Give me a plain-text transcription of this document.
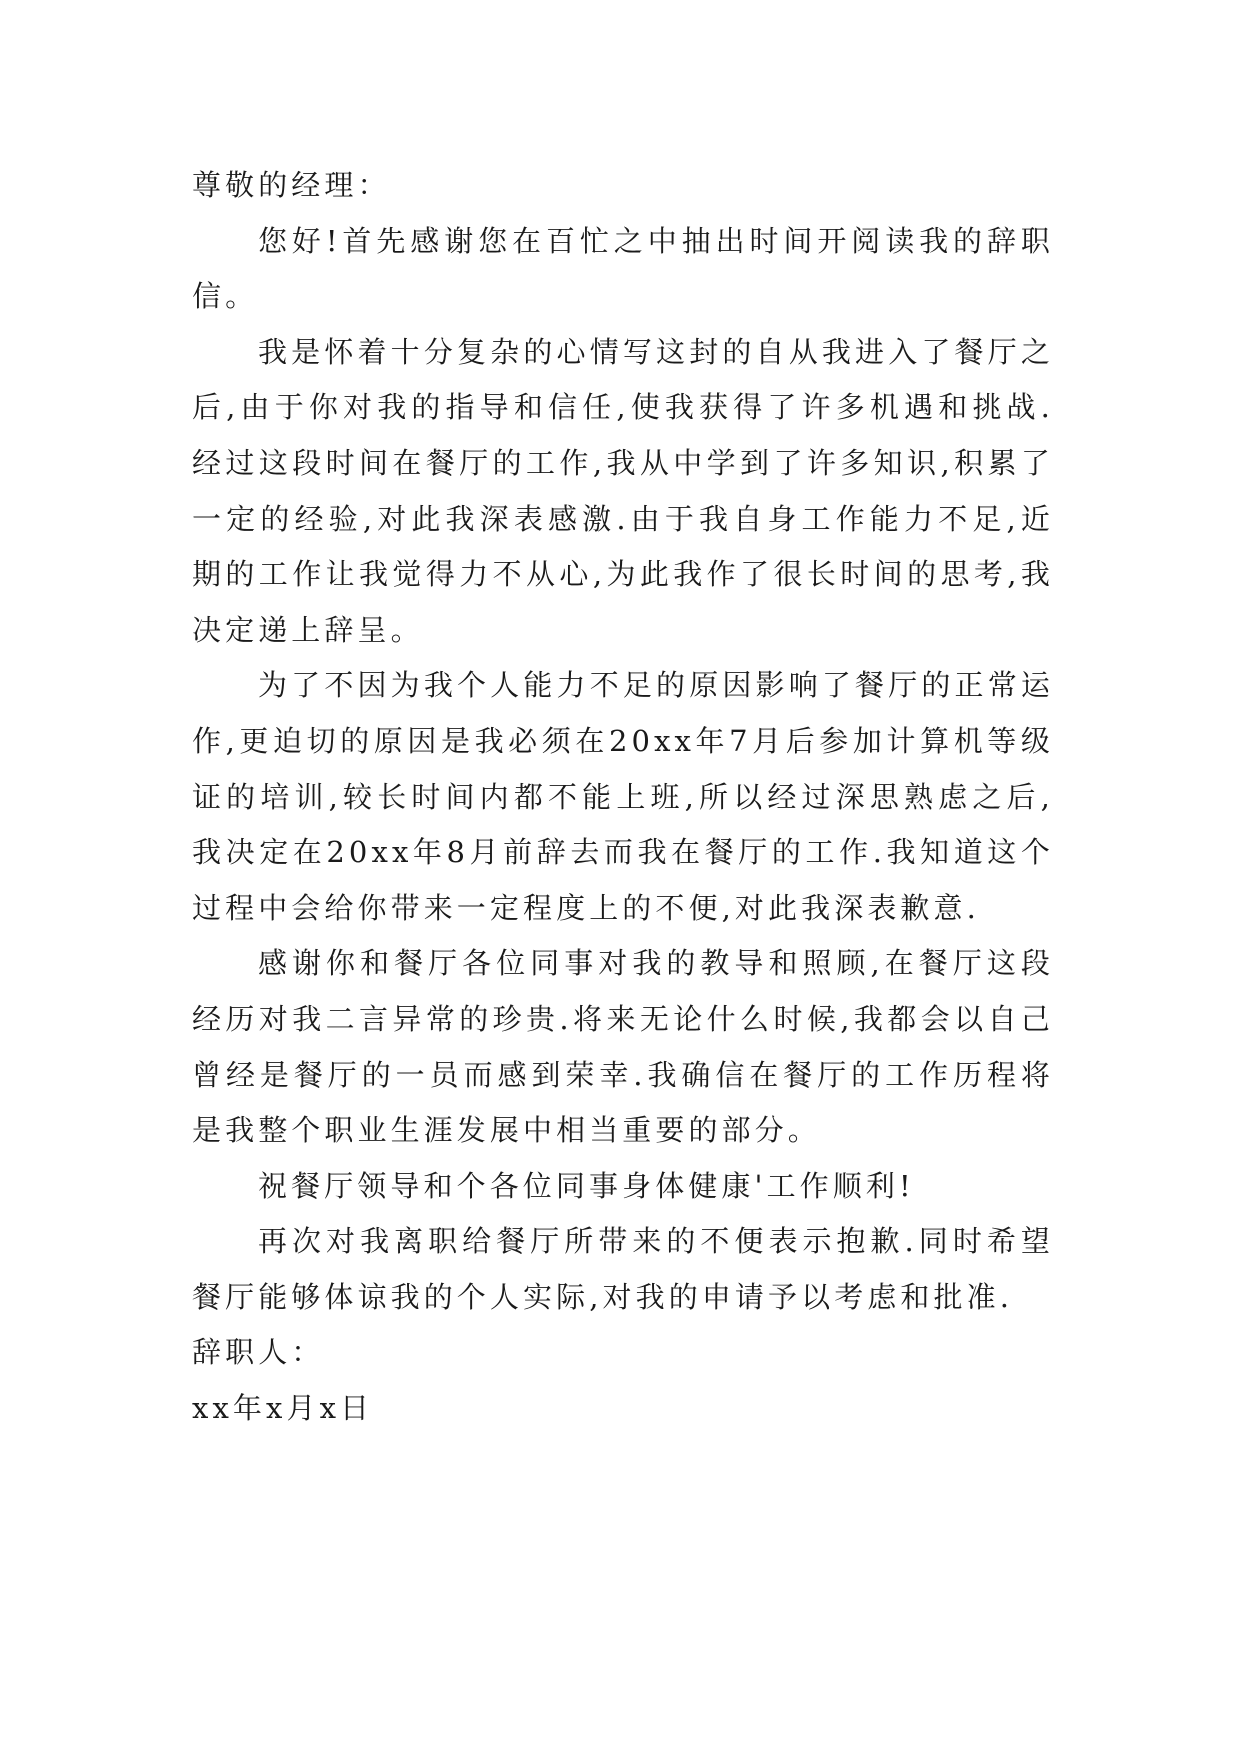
尊敬的经理：

您好!首先感谢您在百忙之中抽出时间开阅读我的辞职信。

我是怀着十分复杂的心情写这封的自从我进入了餐厅之后,由于你对我的指导和信任,使我获得了许多机遇和挑战.经过这段时间在餐厅的工作,我从中学到了许多知识,积累了一定的经验,对此我深表感激.由于我自身工作能力不足,近期的工作让我觉得力不从心,为此我作了很长时间的思考,我决定递上辞呈。

为了不因为我个人能力不足的原因影响了餐厅的正常运作,更迫切的原因是我必须在20xx年7月后参加计算机等级证的培训,较长时间内都不能上班,所以经过深思熟虑之后,我决定在20xx年8月前辞去而我在餐厅的工作.我知道这个过程中会给你带来一定程度上的不便,对此我深表歉意.

感谢你和餐厅各位同事对我的教导和照顾,在餐厅这段经历对我二言异常的珍贵.将来无论什么时候,我都会以自己曾经是餐厅的一员而感到荣幸.我确信在餐厅的工作历程将是我整个职业生涯发展中相当重要的部分。

祝餐厅领导和个各位同事身体健康'工作顺利!

再次对我离职给餐厅所带来的不便表示抱歉.同时希望餐厅能够体谅我的个人实际,对我的申请予以考虑和批准.

辞职人：

xx年x月x日
